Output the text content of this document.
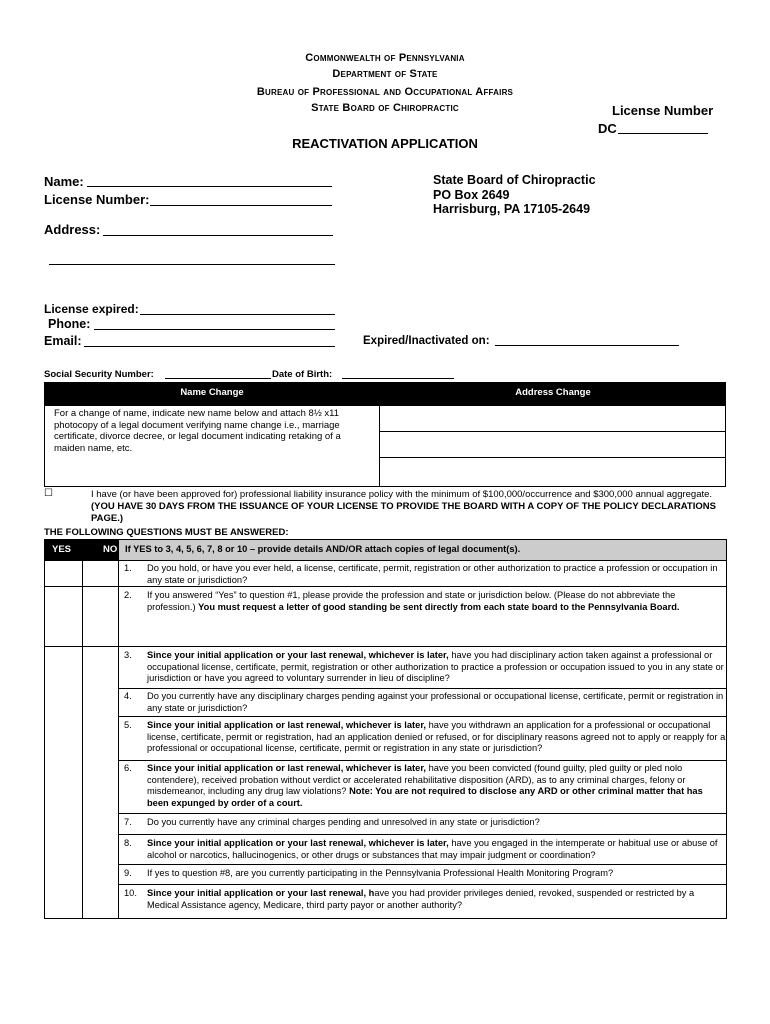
Commonwealth of Pennsylvania
Department of State
Bureau of Professional and Occupational Affairs
State Board of Chiropractic
REACTIVATION APPLICATION
License Number
DC
Name:
License Number:
Address:
State Board of Chiropractic
PO Box 2649
Harrisburg, PA 17105-2649
License expired:
Phone:
Email:	Expired/Inactivated on:
Social Security Number:	Date of Birth:
Name Change	Address Change
For a change of name, indicate new name below and attach 8½ x11 photocopy of a legal document verifying name change i.e., marriage certificate, divorce decree, or legal document indicating retaking of a maiden name, etc.
☐	I have (or have been approved for) professional liability insurance policy with the minimum of $100,000/occurrence and $300,000 annual aggregate. (YOU HAVE 30 DAYS FROM THE ISSUANCE OF YOUR LICENSE TO PROVIDE THE BOARD WITH A COPY OF THE POLICY DECLARATIONS PAGE.)
THE FOLLOWING QUESTIONS MUST BE ANSWERED:
YES	NO If YES to 3, 4, 5, 6, 7, 8 or 10 – provide details AND/OR attach copies of legal document(s).
1. Do you hold, or have you ever held, a license, certificate, permit, registration or other authorization to practice a profession or occupation in any state or jurisdiction?
2. If you answered “Yes” to question #1, please provide the profession and state or jurisdiction below. (Please do not abbreviate the profession.) You must request a letter of good standing be sent directly from each state board to the Pennsylvania Board.
3. Since your initial application or your last renewal, whichever is later, have you had disciplinary action taken against a professional or occupational license, certificate, permit, registration or other authorization to practice a profession or occupation issued to you in any state or jurisdiction or have you agreed to voluntary surrender in lieu of discipline?
4. Do you currently have any disciplinary charges pending against your professional or occupational license, certificate, permit or registration in any state or jurisdiction?
5. Since your initial application or last renewal, whichever is later, have you withdrawn an application for a professional or occupational license, certificate, permit or registration, had an application denied or refused, or for disciplinary reasons agreed not to apply or reapply for a professional or occupational license, certificate, permit or registration in any state or jurisdiction?
6. Since your initial application or last renewal, whichever is later, have you been convicted (found guilty, pled guilty or pled nolo contendere), received probation without verdict or accelerated rehabilitative disposition (ARD), as to any criminal charges, felony or misdemeanor, including any drug law violations? Note: You are not required to disclose any ARD or other criminal matter that has been expunged by order of a court.
7. Do you currently have any criminal charges pending and unresolved in any state or jurisdiction?
8. Since your initial application or your last renewal, whichever is later, have you engaged in the intemperate or habitual use or abuse of alcohol or narcotics, hallucinogenics, or other drugs or substances that may impair judgment or coordination?
9. If yes to question #8, are you currently participating in the Pennsylvania Professional Health Monitoring Program?
10. Since your initial application or your last renewal, have you had provider privileges denied, revoked, suspended or restricted by a Medical Assistance agency, Medicare, third party payor or another authority?
